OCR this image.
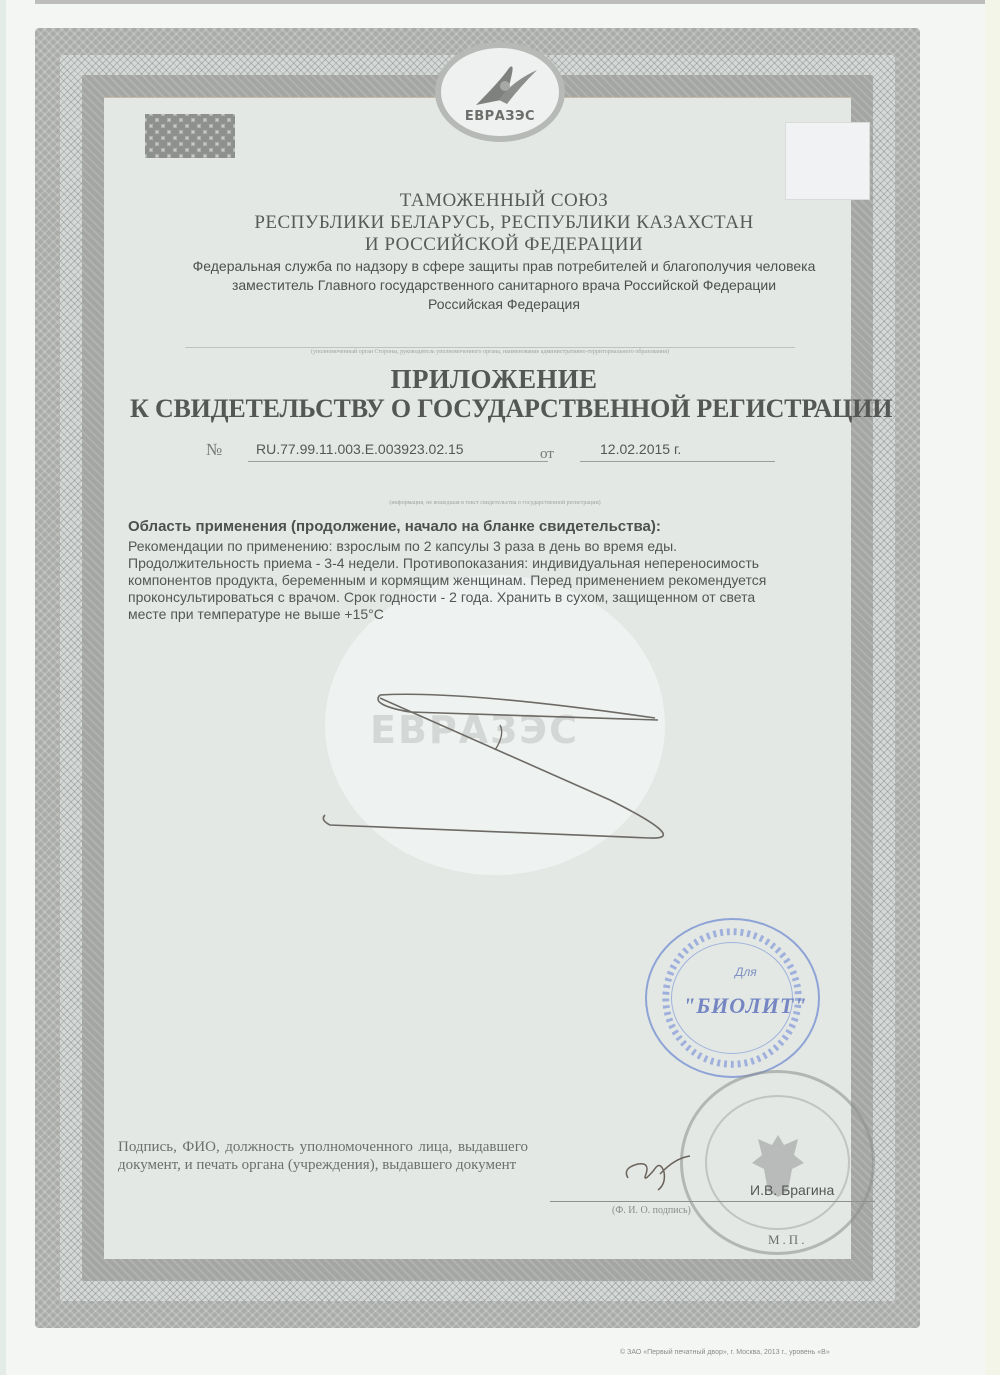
ЕВРАЗЭС
ТАМОЖЕННЫЙ СОЮЗ
РЕСПУБЛИКИ БЕЛАРУСЬ, РЕСПУБЛИКИ КАЗАХСТАН
И РОССИЙСКОЙ ФЕДЕРАЦИИ
Федеральная служба по надзору в сфере защиты прав потребителей и благополучия человека
заместитель Главного государственного санитарного врача Российской Федерации
Российская Федерация
(уполномоченный орган Стороны, руководитель уполномоченного органа, наименование административно-территориального образования)
ПРИЛОЖЕНИЕ
К СВИДЕТЕЛЬСТВУ О ГОСУДАРСТВЕННОЙ РЕГИСТРАЦИИ
№	RU.77.99.11.003.Е.003923.02.15	от	12.02.2015 г.
(информация, не вошедшая в текст свидетельства о государственной регистрации)
ЕВРАЗЭС
Область применения (продолжение, начало на бланке свидетельства):
Рекомендации по применению: взрослым по 2 капсулы 3 раза в день во время еды.
Продолжительность приема - 3-4 недели. Противопоказания: индивидуальная непереносимость
компонентов продукта, беременным и кормящим женщинам. Перед применением рекомендуется
проконсультироваться с врачом. Срок годности - 2 года. Хранить в сухом, защищенном от света
месте при температуре не выше +15°С
Для
"БИОЛИТ"
Подпись, ФИО, должность уполномоченного лица, выдавшего документ, и печать органа (учреждения), выдавшего документ
И.В. Брагина
(Ф. И. О. подпись)
М.П.
© ЗАО «Первый печатный двор», г. Москва, 2013 г., уровень «В»
